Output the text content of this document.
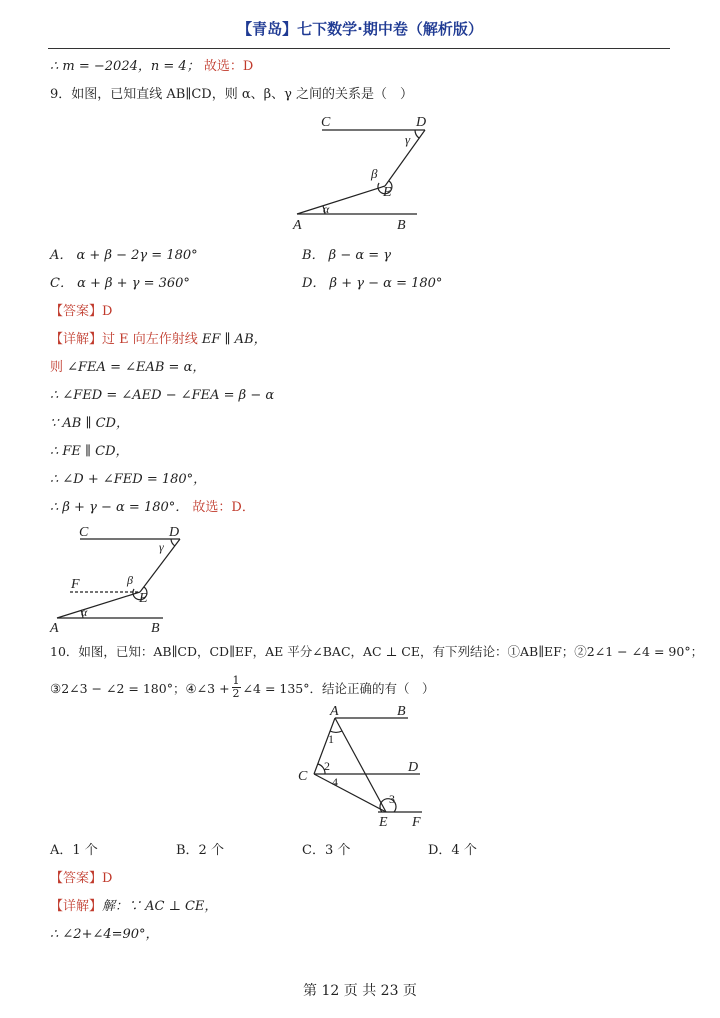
【青岛】七下数学·期中卷（解析版）
∴ m = −2024，n = 4； 故选：D
9．如图，已知直线 AB∥CD，则 α、β、γ 之间的关系是（　）
C	D
γ
β
E
A
α
B
A． α + β − 2γ = 180°	B． β − α = γ
C． α + β + γ = 360°	D． β + γ − α = 180°
【答案】D
【详解】过 E 向左作射线 EF ∥ AB，
则 ∠FEA = ∠EAB = α，
∴ ∠FED = ∠AED − ∠FEA = β − α
∵ AB ∥ CD，
∴ FE ∥ CD，
∴ ∠D + ∠FED = 180°，
∴ β + γ − α = 180°． 故选：D．
C	D
γ
F	β
E
A
α
B
10．如图，已知：AB∥CD，CD∥EF，AE 平分∠BAC，AC ⊥ CE，有下列结论：①AB∥EF；②2∠1 − ∠4 = 90°；
③2∠3 − ∠2 = 180°；④∠3 + $\frac{1}{2}$ ∠4 = 135°．结论正确的有（　）
A	B
1
2
C 4
D
3
E F
A．1 个	B．2 个	C．3 个	D．4 个
【答案】D
【详解】解：∵ AC ⊥ CE，
∴ ∠2+∠4=90°，
第 12 页 共 23 页
